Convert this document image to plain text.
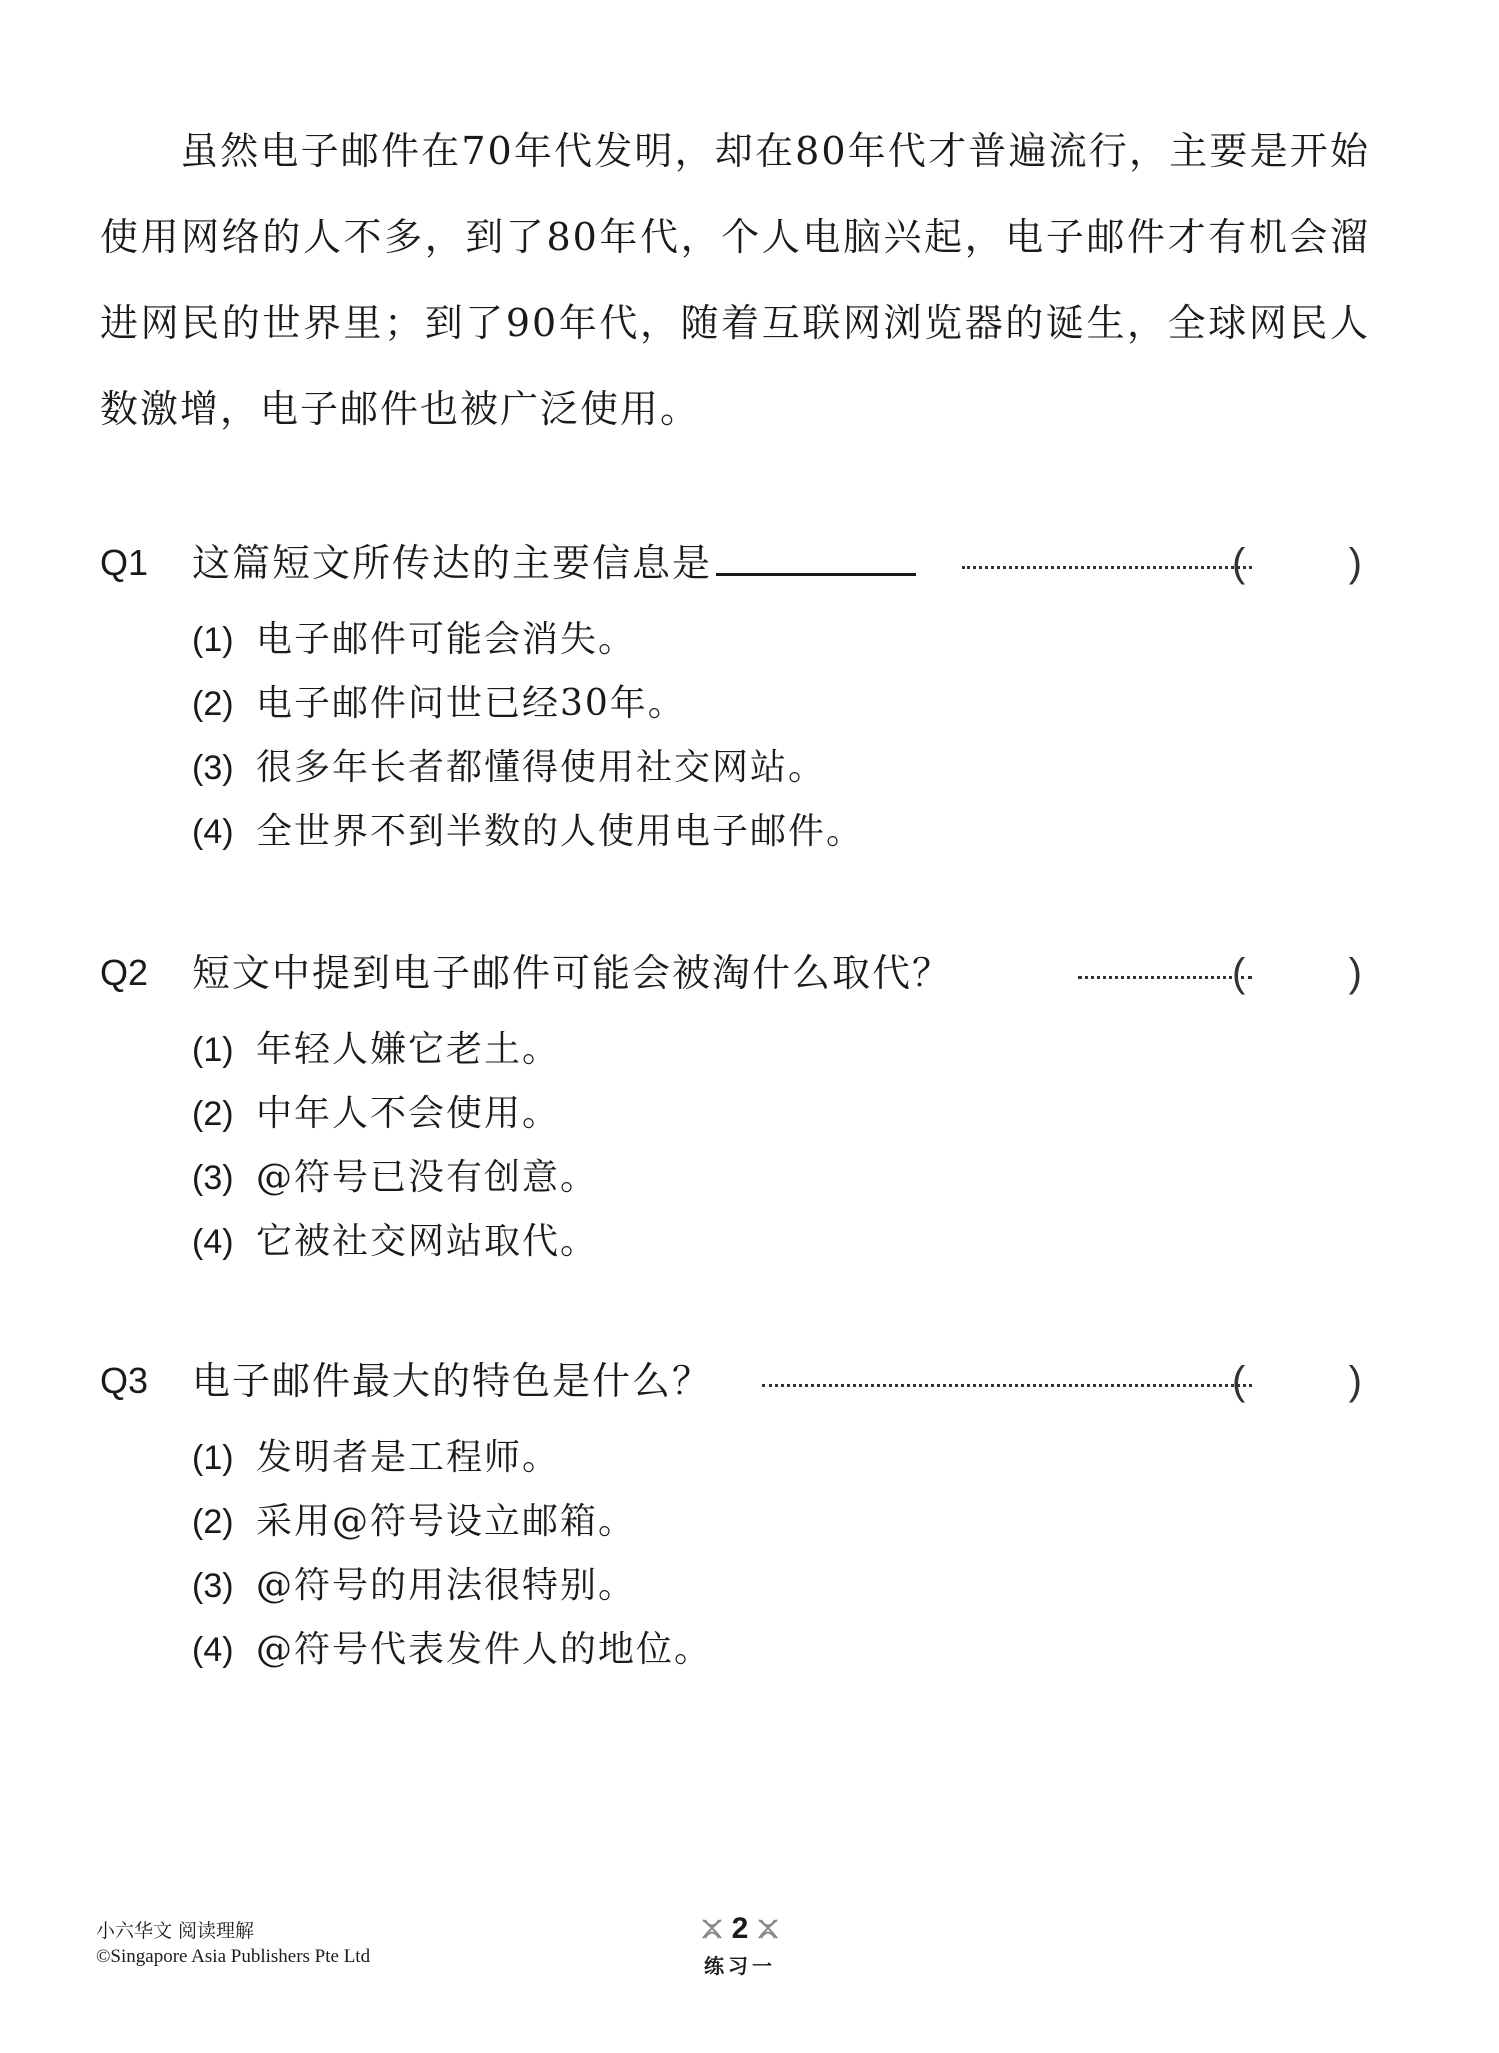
虽然电子邮件在70年代发明，却在80年代才普遍流行，主要是开始使用网络的人不多，到了80年代，个人电脑兴起，电子邮件才有机会溜进网民的世界里；到了90年代，随着互联网浏览器的诞生，全球网民人数激增，电子邮件也被广泛使用。
Q1 这篇短文所传达的主要信息是	(	)
(1) 电子邮件可能会消失。
(2) 电子邮件问世已经30年。
(3) 很多年长者都懂得使用社交网站。
(4) 全世界不到半数的人使用电子邮件。
Q2 短文中提到电子邮件可能会被淘什么取代？	(	)
(1) 年轻人嫌它老土。
(2) 中年人不会使用。
(3) @符号已没有创意。
(4) 它被社交网站取代。
Q3 电子邮件最大的特色是什么？	(	)
(1) 发明者是工程师。
(2) 采用@符号设立邮箱。
(3) @符号的用法很特别。
(4) @符号代表发件人的地位。
小六华文 阅读理解
©Singapore Asia Publishers Pte Ltd
2
练习一
